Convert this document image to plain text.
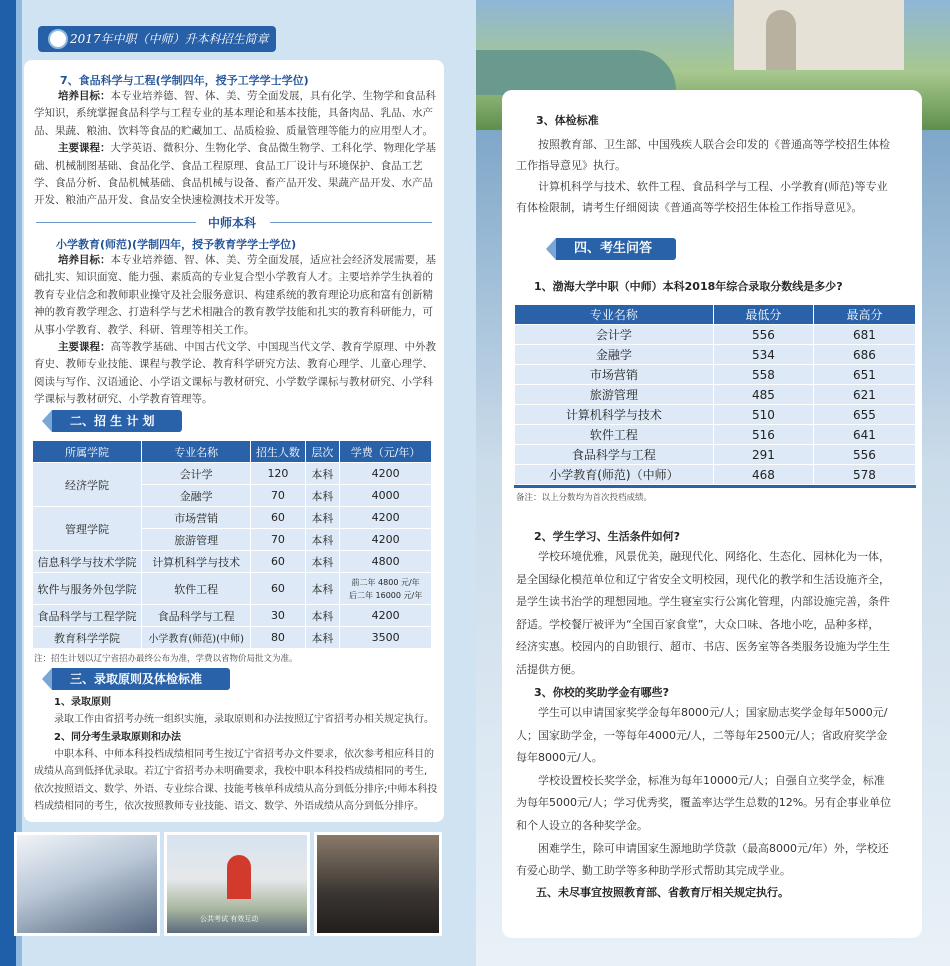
2017年中职（中师）升本科招生简章
7、食品科学与工程(学制四年，授予工学学士学位)
培养目标：本专业培养德、智、体、美、劳全面发展，具有化学、生物学和食品科
学知识，系统掌握食品科学与工程专业的基本理论和基本技能，具备肉品、乳品、水产
品、果蔬、粮油、饮料等食品的贮藏加工、品质检验、质量管理等能力的应用型人才。
主要课程：大学英语、微积分、生物化学、食品微生物学、工科化学、物理化学基
础、机械制图基础、食品化学、食品工程原理、食品工厂设计与环境保护、食品工艺
学、食品分析、食品机械基础、食品机械与设备、畜产品开发、果蔬产品开发、水产品
开发、粮油产品开发、食品安全快速检测技术开发等。
中师本科
小学教育(师范)(学制四年，授予教育学学士学位)
培养目标：本专业培养德、智、体、美、劳全面发展，适应社会经济发展需要，基
础扎实、知识面宽、能力强、素质高的专业复合型小学教育人才。主要培养学生执着的
教育专业信念和教师职业操守及社会服务意识、构建系统的教育理论功底和富有创新精
神的教育教学理念、打造科学与艺术相融合的教育教学技能和扎实的教育科研能力，可
从事小学教育、教学、科研、管理等相关工作。
主要课程：高等教学基础、中国古代文学、中国现当代文学、教育学原理、中外教
育史、教师专业技能、课程与教学论、教育科学研究方法、教育心理学、儿童心理学、
阅读与写作、汉语通论、小学语文课标与教材研究、小学数学课标与教材研究、小学科
学课标与教材研究、小学教育管理等。
二、招 生 计 划
所属学院	专业名称	招生人数	层次	学费（元/年）
经济学院	会计学	120	本科	4200
	金融学	70	本科	4000
管理学院	市场营销	60	本科	4200
	旅游管理	70	本科	4200
信息科学与技术学院	计算机科学与技术	60	本科	4800
软件与服务外包学院	软件工程	60	本科	前二年 4800 元/年
后二年 16000 元/年

食品科学与工程学院	食品科学与工程	30	本科	4200
教育科学学院	小学教育(师范)(中师)	80	本科	3500
注：招生计划以辽宁省招办最终公布为准，学费以省物价局批文为准。
三、录取原则及体检标准
1、录取原则
录取工作由省招考办统一组织实施，录取原则和办法按照辽宁省招考办相关规定执行。
2、同分考生录取原则和办法
中职本科、中师本科投档成绩相同考生按辽宁省招考办文件要求，依次参考相应科目的
成绩从高到低择优录取。若辽宁省招考办未明确要求，我校中职本科投档成绩相同的考生,
依次按照语文、数学、外语、专业综合课、技能考核单科成绩从高分到低分排序;中师本科投
档成绩相同的考生，依次按照教师专业技能、语文、数学、外语成绩从高分到低分排序。
公共考试 有效互动
3、体检标准
按照教育部、卫生部、中国残疾人联合会印发的《普通高等学校招生体检
工作指导意见》执行。
计算机科学与技术、软件工程、食品科学与工程、小学教育(师范)等专业
有体检限制，请考生仔细阅读《普通高等学校招生体检工作指导意见》。
四、考生问答
1、渤海大学中职（中师）本科2018年综合录取分数线是多少?
专业名称	最低分	最高分
会计学	556	681
金融学	534	686
市场营销	558	651
旅游管理	485	621
计算机科学与技术	510	655
软件工程	516	641
食品科学与工程	291	556
小学教育(师范)（中师）	468	578
备注：以上分数均为首次投档成绩。
2、学生学习、生活条件如何?
学校环境优雅，风景优美，融现代化、网络化、生态化、园林化为一体，
是全国绿化模范单位和辽宁省安全文明校园，现代化的教学和生活设施齐全，
是学生读书治学的理想园地。学生寝室实行公寓化管理，内部设施完善，条件
舒适。学校餐厅被评为“全国百家食堂”，大众口味、各地小吃，品种多样，
经济实惠。校园内的自助银行、超市、书店、医务室等各类服务设施为学生生
活提供方便。
3、你校的奖助学金有哪些?
学生可以申请国家奖学金每年8000元/人；国家励志奖学金每年5000元/
人；国家助学金，一等每年4000元/人，二等每年2500元/人；省政府奖学金
每年8000元/人。
学校设置校长奖学金，标准为每年10000元/人；自强自立奖学金，标准
为每年5000元/人；学习优秀奖，覆盖率达学生总数的12%。另有企事业单位
和个人设立的各种奖学金。
困难学生，除可申请国家生源地助学贷款（最高8000元/年）外，学校还
有爱心助学、勤工助学等多种助学形式帮助其完成学业。
五、未尽事宜按照教育部、省教育厅相关规定执行。
